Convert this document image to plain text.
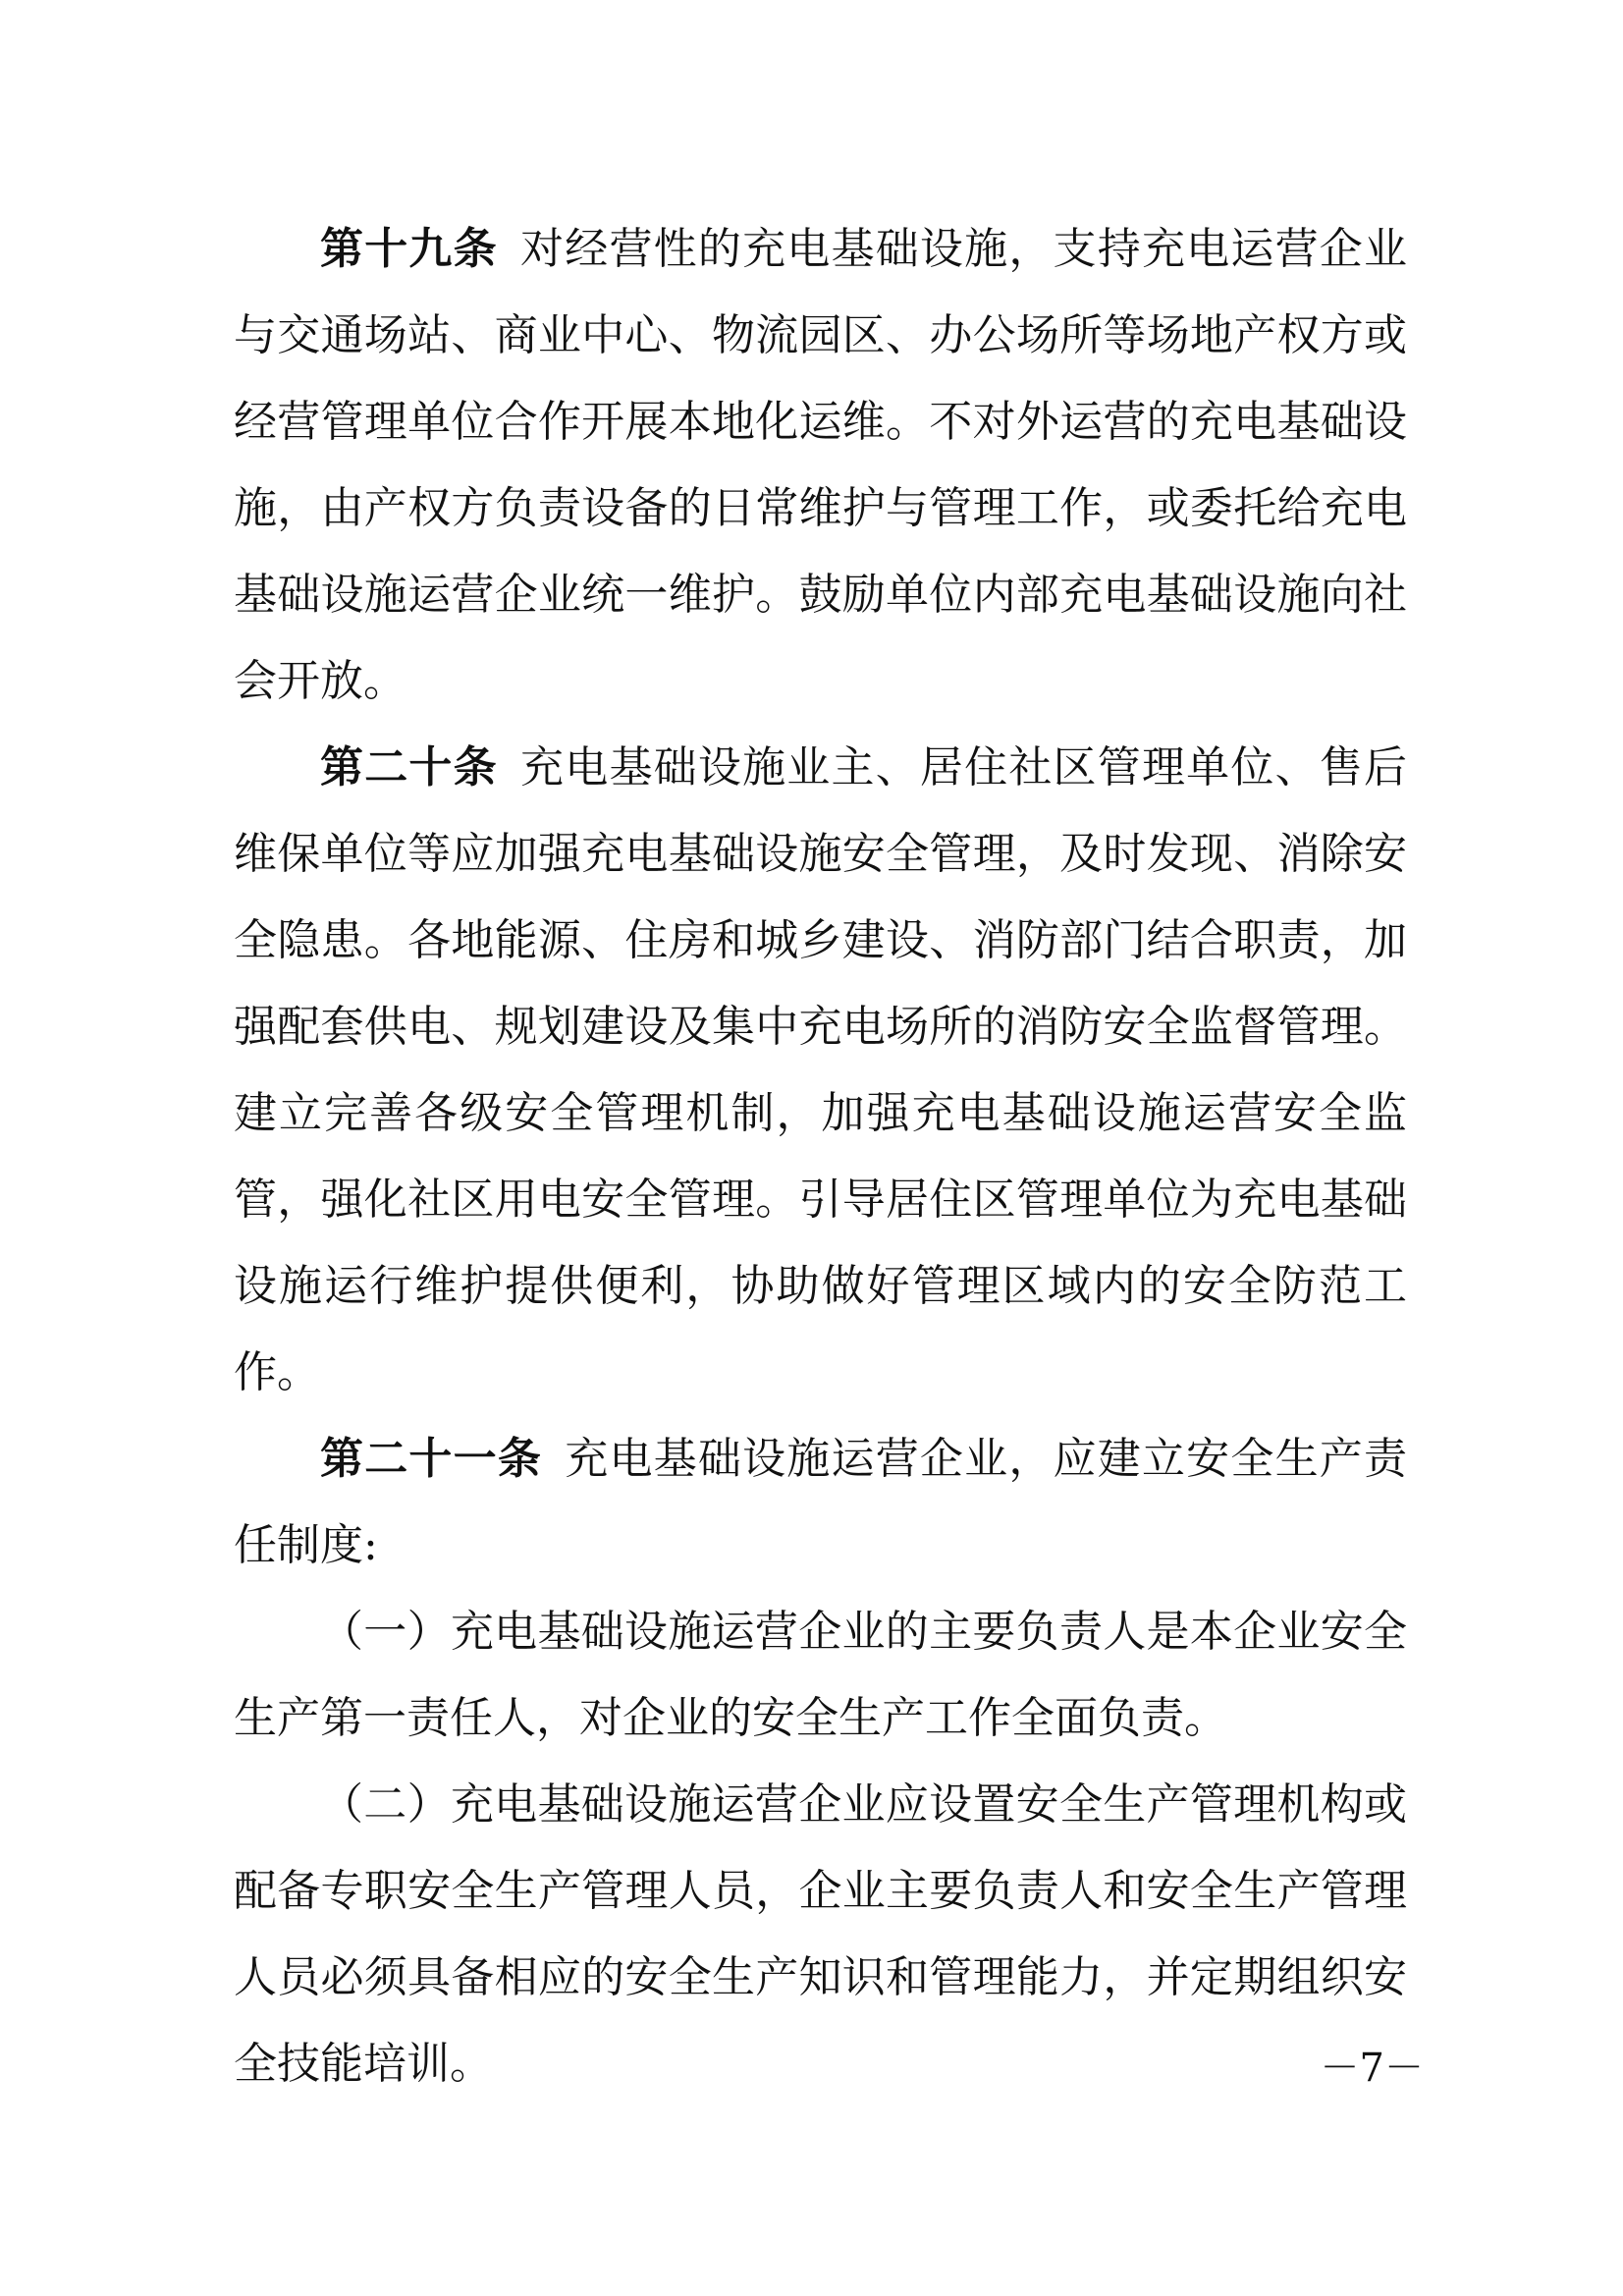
第十九条 对经营性的充电基础设施，支持充电运营企业与交通场站、商业中心、物流园区、办公场所等场地产权方或经营管理单位合作开展本地化运维。不对外运营的充电基础设施，由产权方负责设备的日常维护与管理工作，或委托给充电基础设施运营企业统一维护。鼓励单位内部充电基础设施向社会开放。

第二十条 充电基础设施业主、居住社区管理单位、售后维保单位等应加强充电基础设施安全管理，及时发现、消除安全隐患。各地能源、住房和城乡建设、消防部门结合职责，加强配套供电、规划建设及集中充电场所的消防安全监督管理。建立完善各级安全管理机制，加强充电基础设施运营安全监管，强化社区用电安全管理。引导居住区管理单位为充电基础设施运行维护提供便利，协助做好管理区域内的安全防范工作。

第二十一条 充电基础设施运营企业，应建立安全生产责任制度:

（一）充电基础设施运营企业的主要负责人是本企业安全生产第一责任人，对企业的安全生产工作全面负责。

（二）充电基础设施运营企业应设置安全生产管理机构或配备专职安全生产管理人员，企业主要负责人和安全生产管理人员必须具备相应的安全生产知识和管理能力，并定期组织安全技能培训。	－7－
